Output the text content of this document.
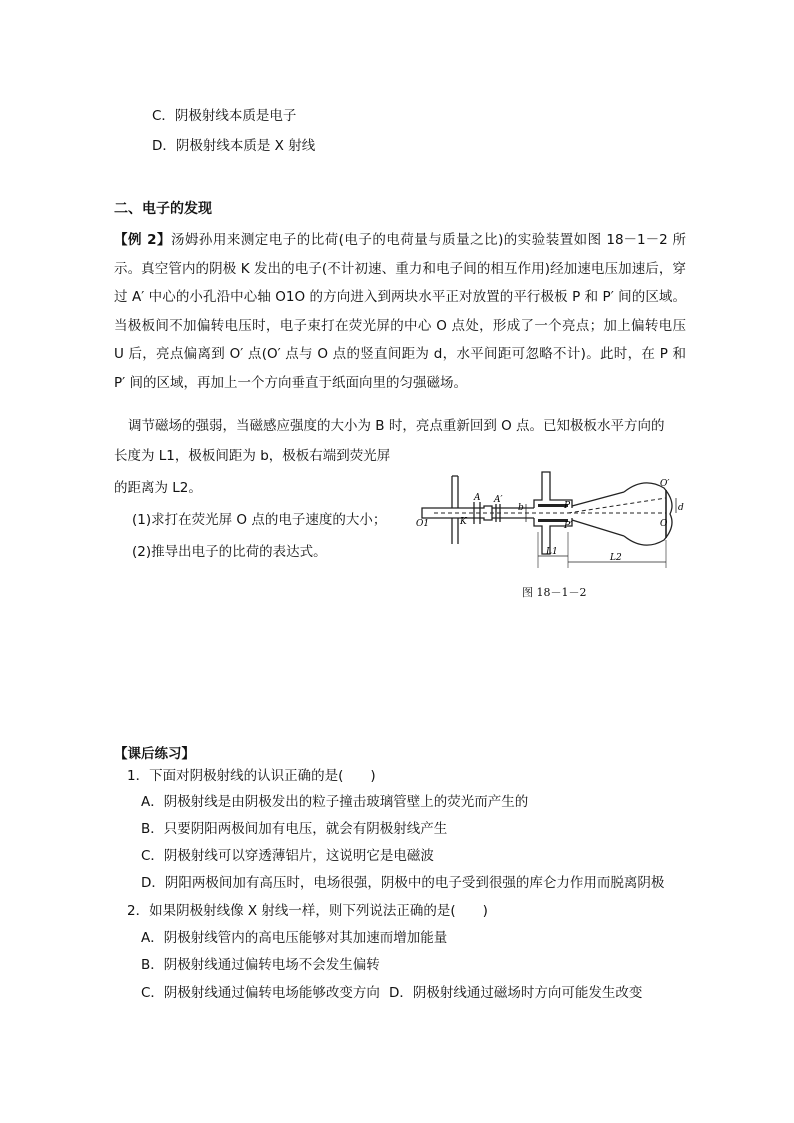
C．阴极射线本质是电子
D．阴极射线本质是 X 射线
二、电子的发现
【例 2】汤姆孙用来测定电子的比荷(电子的电荷量与质量之比)的实验装置如图 18－1－2 所示。真空管内的阴极 K 发出的电子(不计初速、重力和电子间的相互作用)经加速电压加速后，穿过 A′ 中心的小孔沿中心轴 O1O 的方向进入到两块水平正对放置的平行极板 P 和 P′ 间的区域。当极板间不加偏转电压时，电子束打在荧光屏的中心 O 点处，形成了一个亮点；加上偏转电压 U 后，亮点偏离到 O′ 点(O′ 点与 O 点的竖直间距为 d，水平间距可忽略不计)。此时，在 P 和 P′ 间的区域，再加上一个方向垂直于纸面向里的匀强磁场。
调节磁场的强弱，当磁感应强度的大小为 B 时，亮点重新回到 O 点。已知极板水平方向的
长度为 L1，极板间距为 b，极板右端到荧光屏
的距离为 L2。
(1)求打在荧光屏 O 点的电子速度的大小；
(2)推导出电子的比荷的表达式。
O1	K
A A′
b	P
P′
O′
O
d
L1
L2
图 18－1－2
【课后练习】
1．下面对阴极射线的认识正确的是(　　)
A．阴极射线是由阴极发出的粒子撞击玻璃管壁上的荧光而产生的
B．只要阴阳两极间加有电压，就会有阴极射线产生
C．阴极射线可以穿透薄铝片，这说明它是电磁波
D．阴阳两极间加有高压时，电场很强，阴极中的电子受到很强的库仑力作用而脱离阴极
2．如果阴极射线像 X 射线一样，则下列说法正确的是(　　)
A．阴极射线管内的高电压能够对其加速而增加能量
B．阴极射线通过偏转电场不会发生偏转
C．阴极射线通过偏转电场能够改变方向 D．阴极射线通过磁场时方向可能发生改变
